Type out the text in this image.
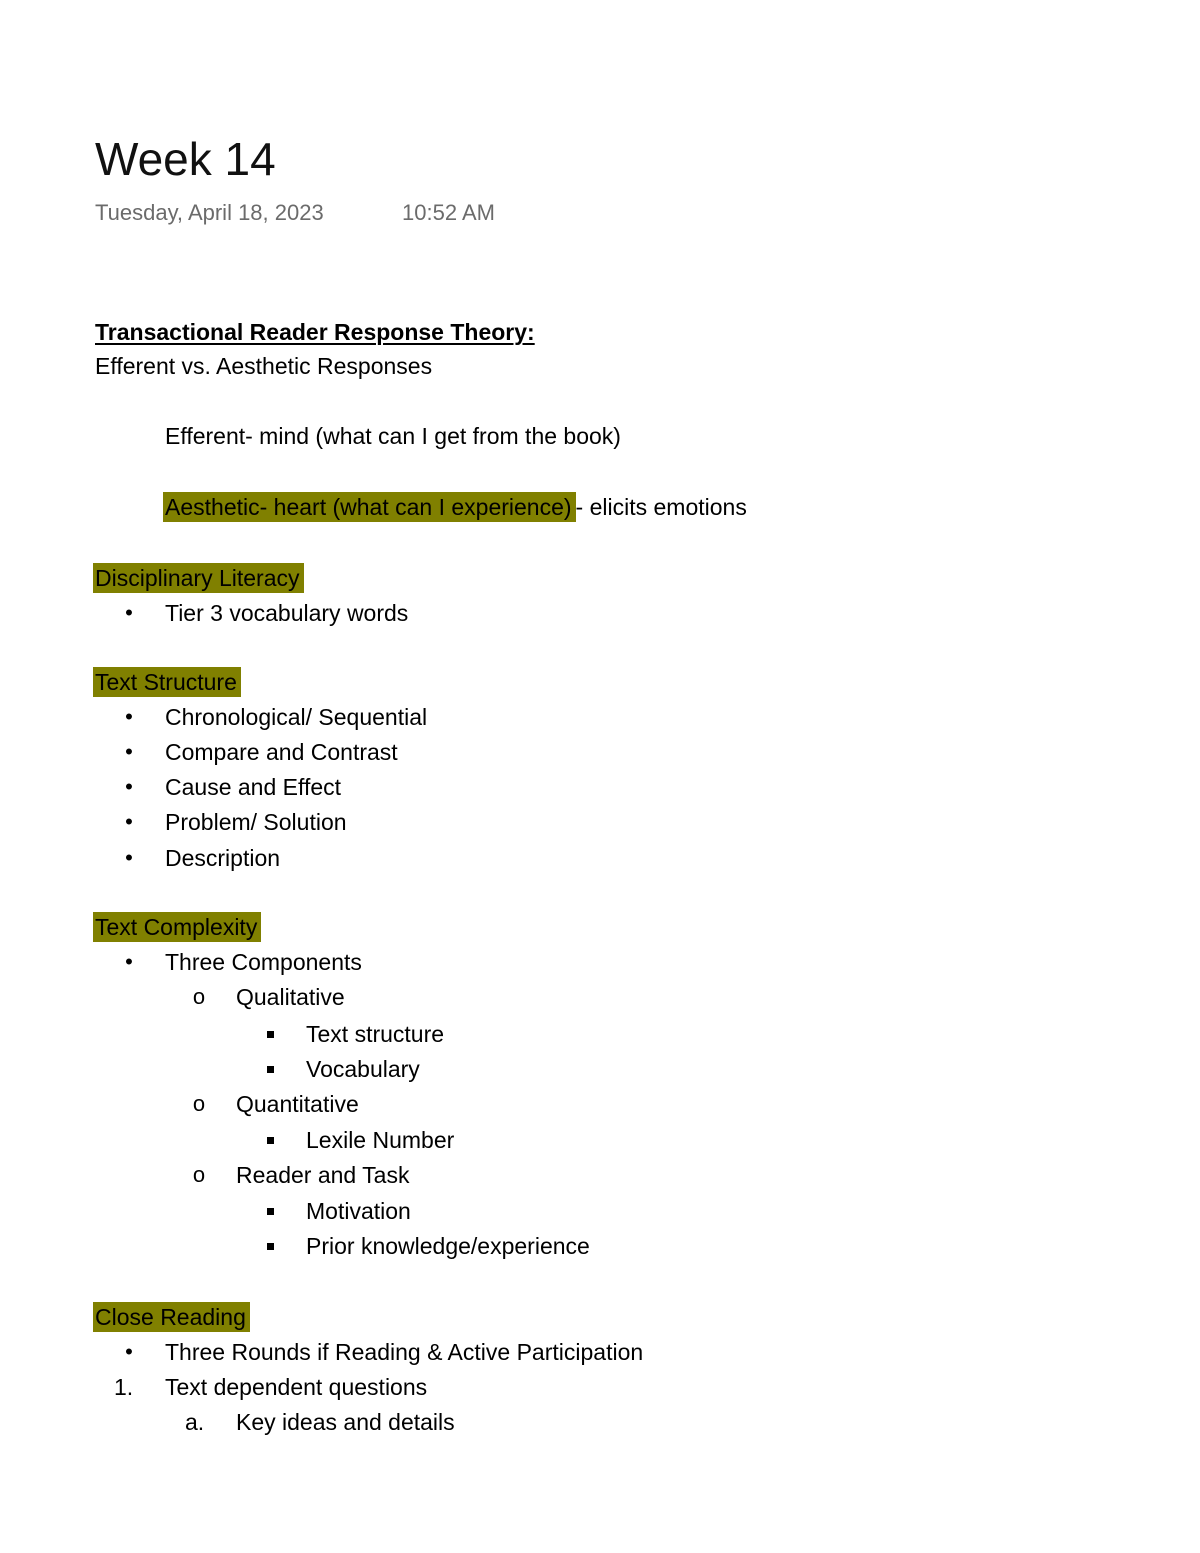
Week 14
Tuesday, April 18, 2023	10:52 AM
Transactional Reader Response Theory:
Efferent vs. Aesthetic Responses
Efferent- mind (what can I get from the book)
Aesthetic- heart (what can I experience) - elicits emotions
Disciplinary Literacy
•	Tier 3 vocabulary words
Text Structure
•	Chronological/ Sequential
•	Compare and Contrast
•	Cause and Effect
•	Problem/ Solution
•	Description
Text Complexity
•	Three Components
o Qualitative
Text structure
Vocabulary
o Quantitative
Lexile Number
o Reader and Task
Motivation
Prior knowledge/experience
Close Reading
•	Three Rounds if Reading & Active Participation
1. Text dependent questions
a. Key ideas and details
